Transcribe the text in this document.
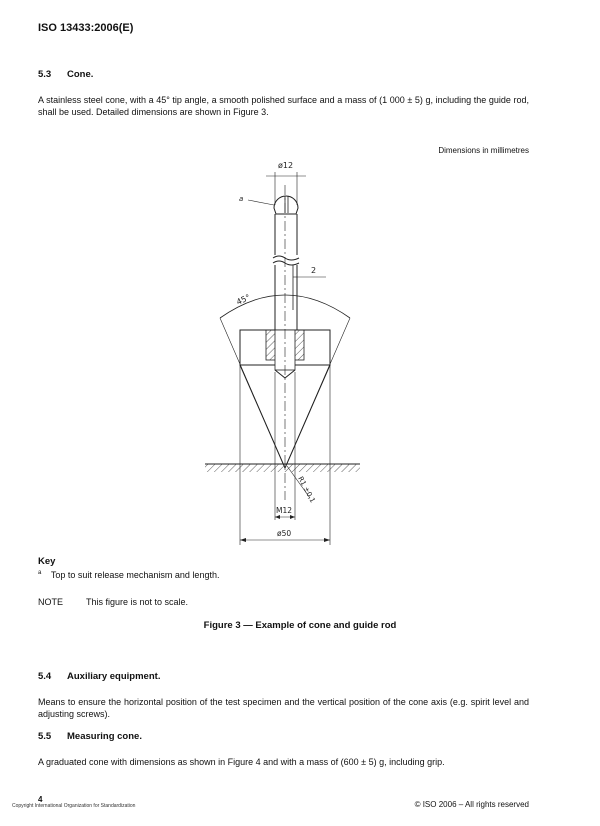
ISO 13433:2006(E)
5.3 Cone.
A stainless steel cone, with a 45° tip angle, a smooth polished surface and a mass of (1 000 ± 5) g, including the guide rod, shall be used. Detailed dimensions are shown in Figure 3.
Dimensions in millimetres
ø12
a
2
45°
M12
ø50
R1 ±0,1
Key
$^a$ Top to suit release mechanism and length.
NOTE	This figure is not to scale.
Figure 3 — Example of cone and guide rod
5.4 Auxiliary equipment.
Means to ensure the horizontal position of the test specimen and the vertical position of the cone axis (e.g. spirit level and adjusting screws).
5.5 Measuring cone.
A graduated cone with dimensions as shown in Figure 4 and with a mass of (600 ± 5) g, including grip.
4
Copyright International Organization for Standardization	© ISO 2006 – All rights reserved
